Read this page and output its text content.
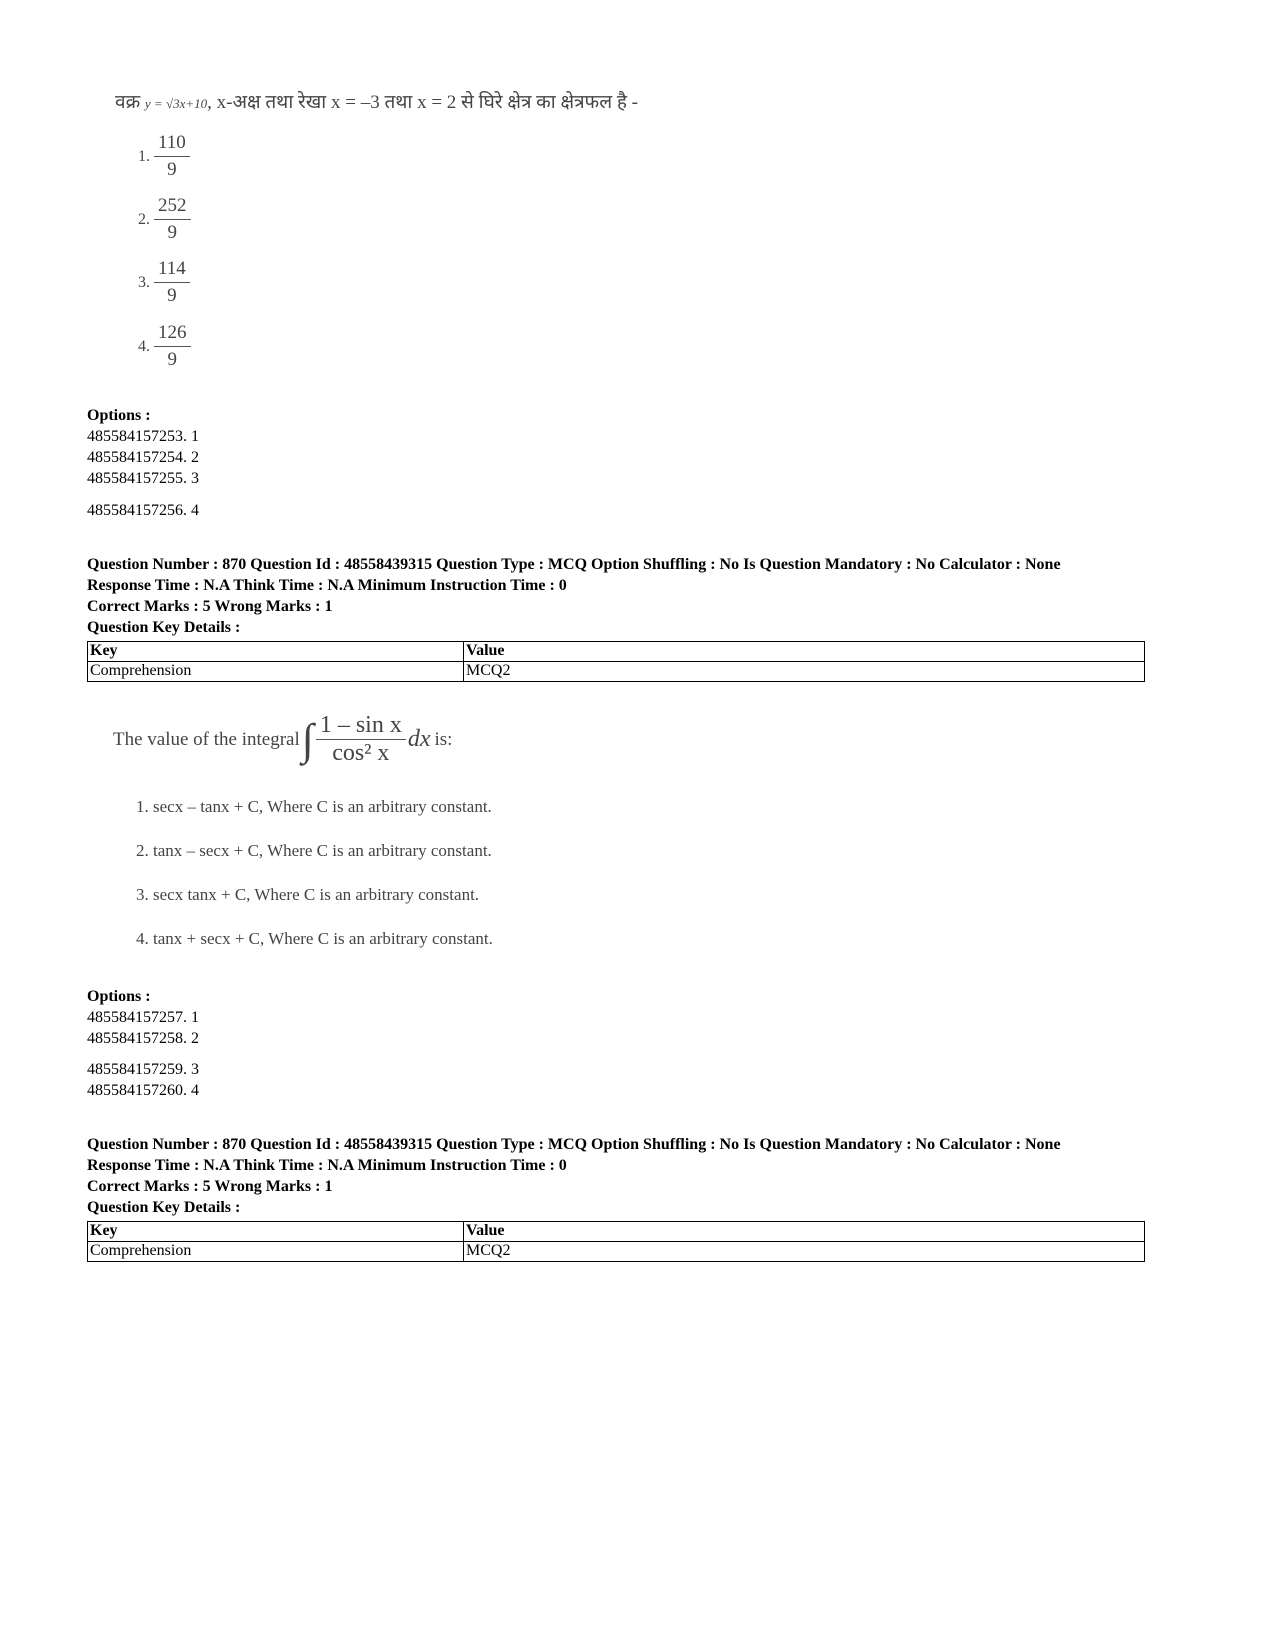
वक्र y = √3x+10, x-अक्ष तथा रेखा x = –3 तथा x = 2 से घिरे क्षेत्र का क्षेत्रफल है -
1. $\frac{110}{9}$
2. $\frac{252}{9}$
3. $\frac{114}{9}$
4. $\frac{126}{9}$
Options :
485584157253. 1
485584157254. 2
485584157255. 3
485584157256. 4
Question Number : 870 Question Id : 48558439315 Question Type : MCQ Option Shuffling : No Is Question Mandatory : No Calculator : None
Response Time : N.A Think Time : N.A Minimum Instruction Time : 0
Correct Marks : 5 Wrong Marks : 1
Question Key Details :
Key	Value
Comprehension	MCQ2
The value of the integral ∫ $\frac{\text{1 – sin x}}{\text{cos² x}}$ dx is:
1. secx – tanx + C, Where C is an arbitrary constant.
2. tanx – secx + C, Where C is an arbitrary constant.
3. secx tanx + C, Where C is an arbitrary constant.
4. tanx + secx + C, Where C is an arbitrary constant.
Options :
485584157257. 1
485584157258. 2
485584157259. 3
485584157260. 4
Question Number : 870 Question Id : 48558439315 Question Type : MCQ Option Shuffling : No Is Question Mandatory : No Calculator : None
Response Time : N.A Think Time : N.A Minimum Instruction Time : 0
Correct Marks : 5 Wrong Marks : 1
Question Key Details :
Key	Value
Comprehension	MCQ2
